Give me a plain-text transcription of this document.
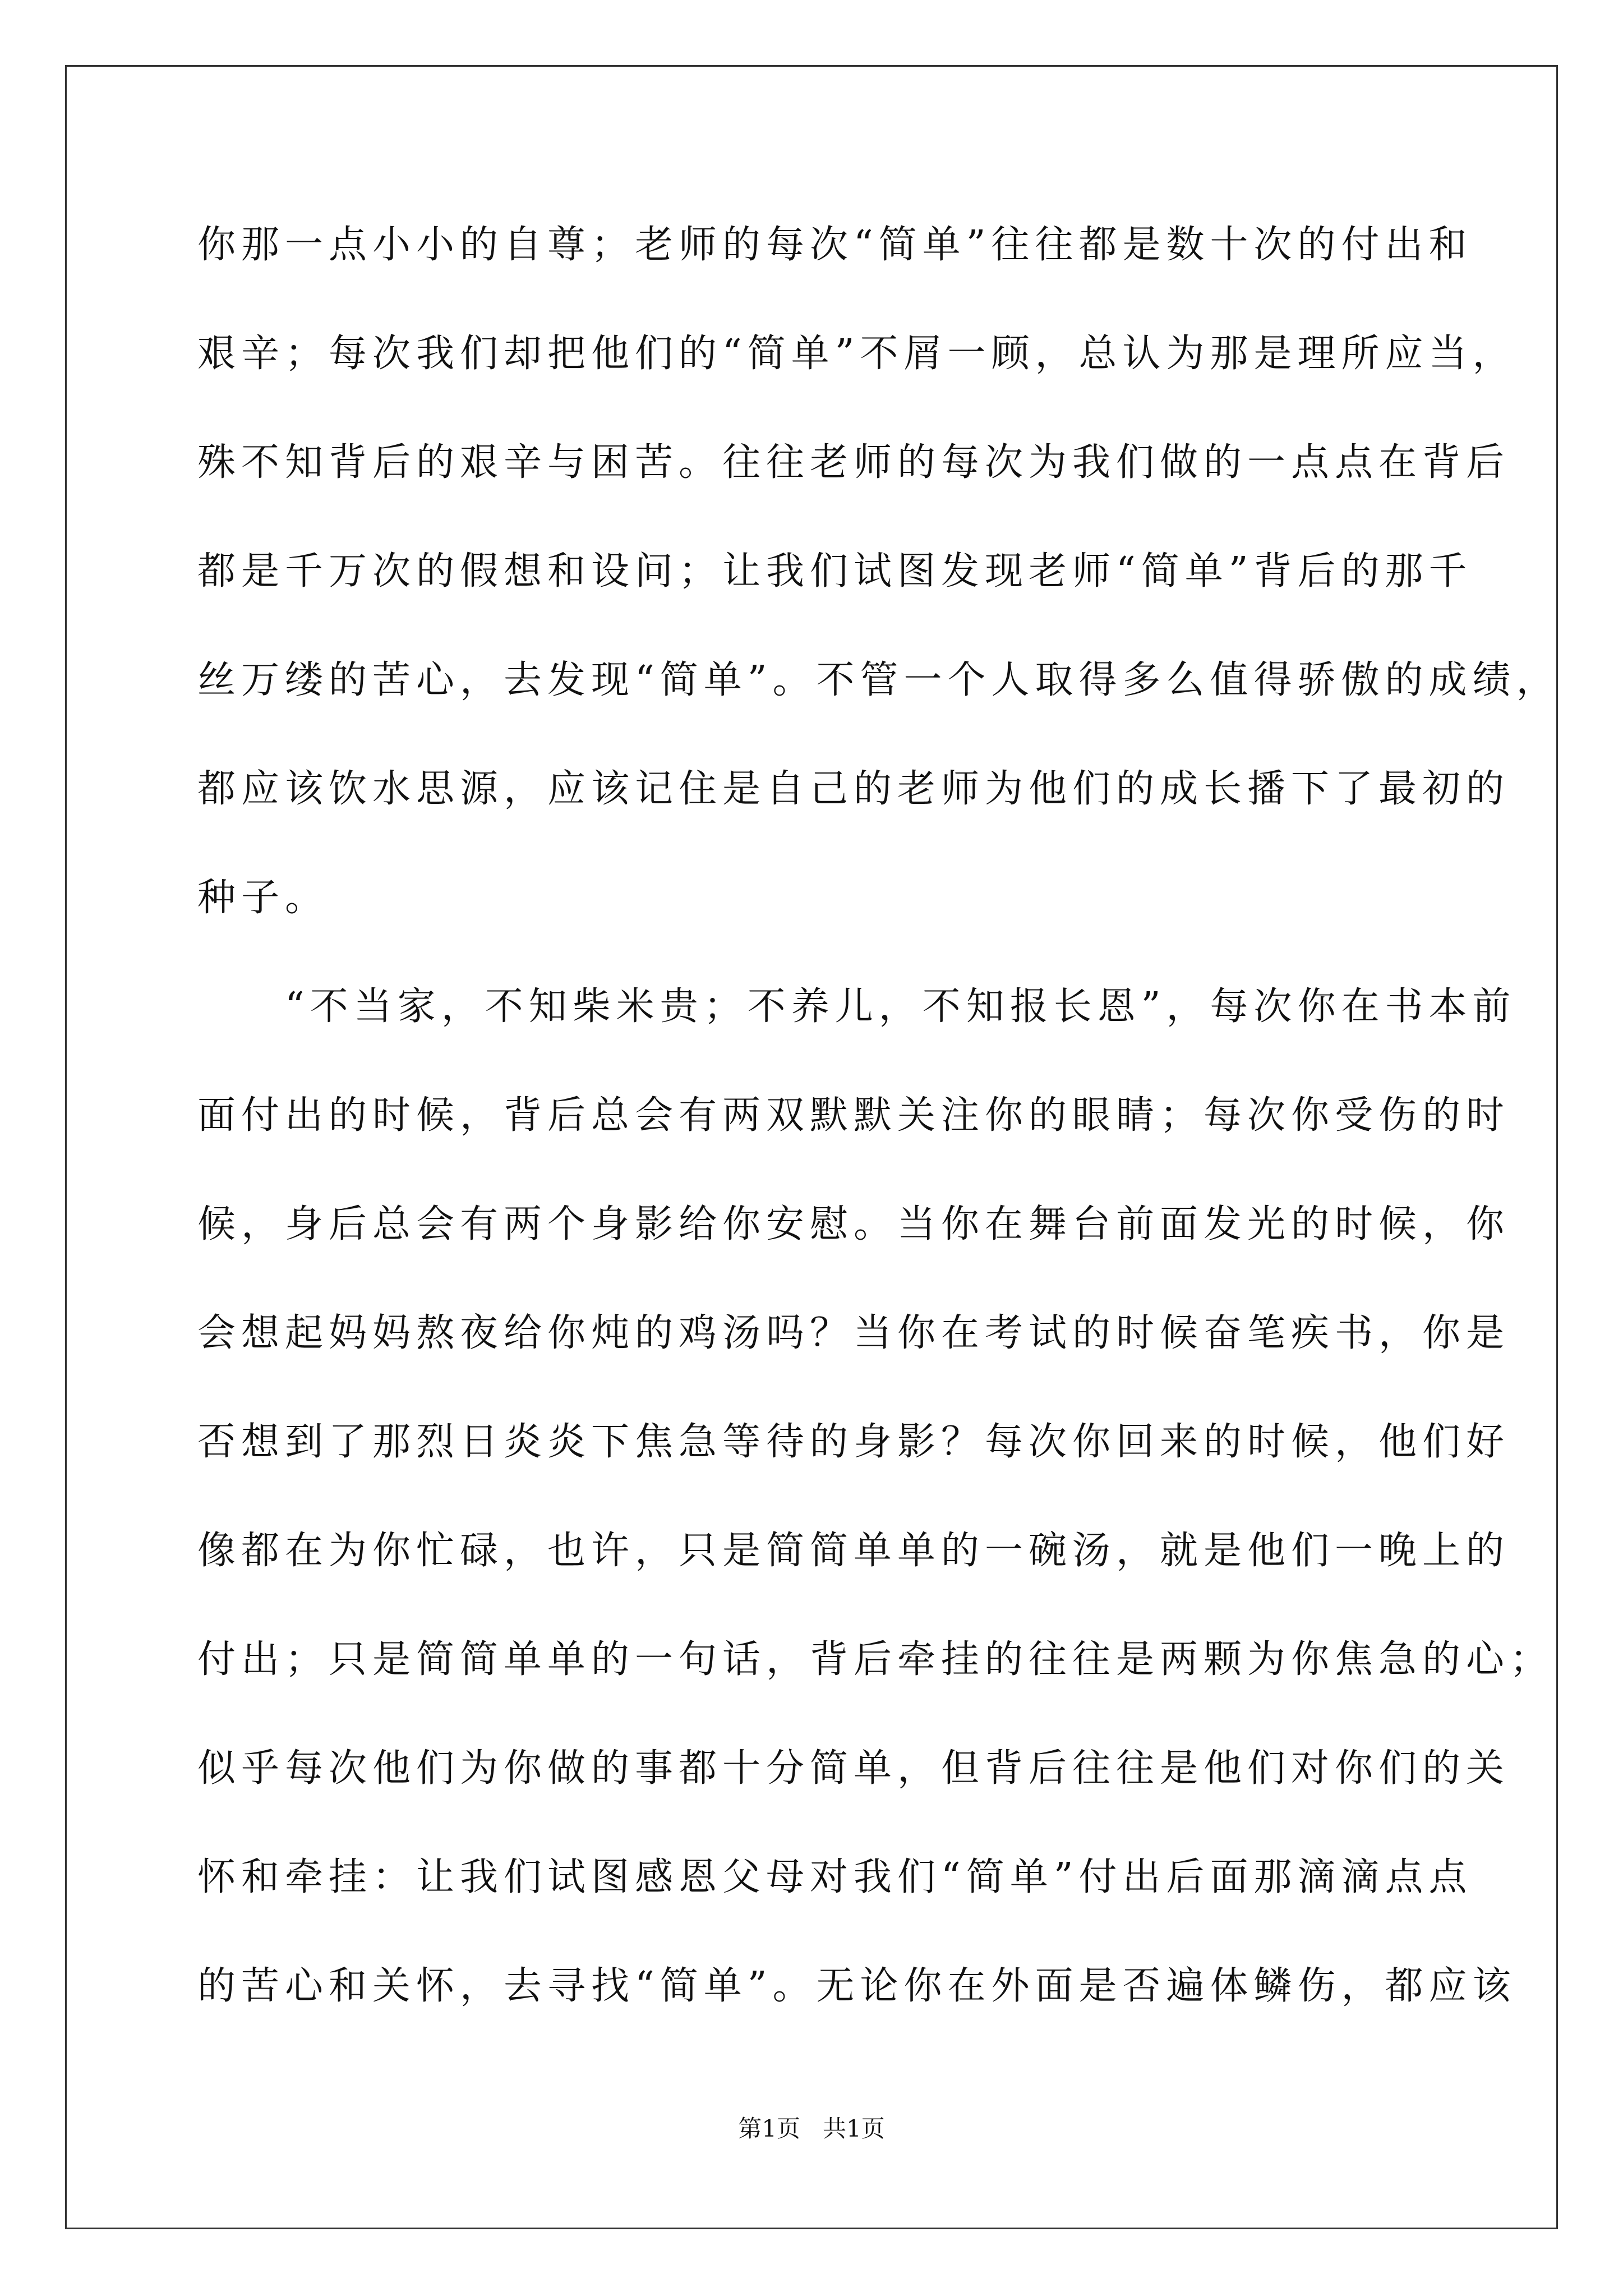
你那一点小小的自尊；老师的每次“简单”往往都是数十次的付出和
艰辛；每次我们却把他们的“简单”不屑一顾，总认为那是理所应当，
殊不知背后的艰辛与困苦。往往老师的每次为我们做的一点点在背后
都是千万次的假想和设问；让我们试图发现老师“简单”背后的那千
丝万缕的苦心，去发现“简单”。不管一个人取得多么值得骄傲的成绩，
都应该饮水思源，应该记住是自己的老师为他们的成长播下了最初的
种子。
　　“不当家，不知柴米贵；不养儿，不知报长恩”，每次你在书本前
面付出的时候，背后总会有两双默默关注你的眼睛；每次你受伤的时
候，身后总会有两个身影给你安慰。当你在舞台前面发光的时候，你
会想起妈妈熬夜给你炖的鸡汤吗？当你在考试的时候奋笔疾书，你是
否想到了那烈日炎炎下焦急等待的身影？每次你回来的时候，他们好
像都在为你忙碌，也许，只是简简单单的一碗汤，就是他们一晚上的
付出；只是简简单单的一句话，背后牵挂的往往是两颗为你焦急的心；
似乎每次他们为你做的事都十分简单，但背后往往是他们对你们的关
怀和牵挂：让我们试图感恩父母对我们“简单”付出后面那滴滴点点
的苦心和关怀，去寻找“简单”。无论你在外面是否遍体鳞伤，都应该
第1页   共1页
